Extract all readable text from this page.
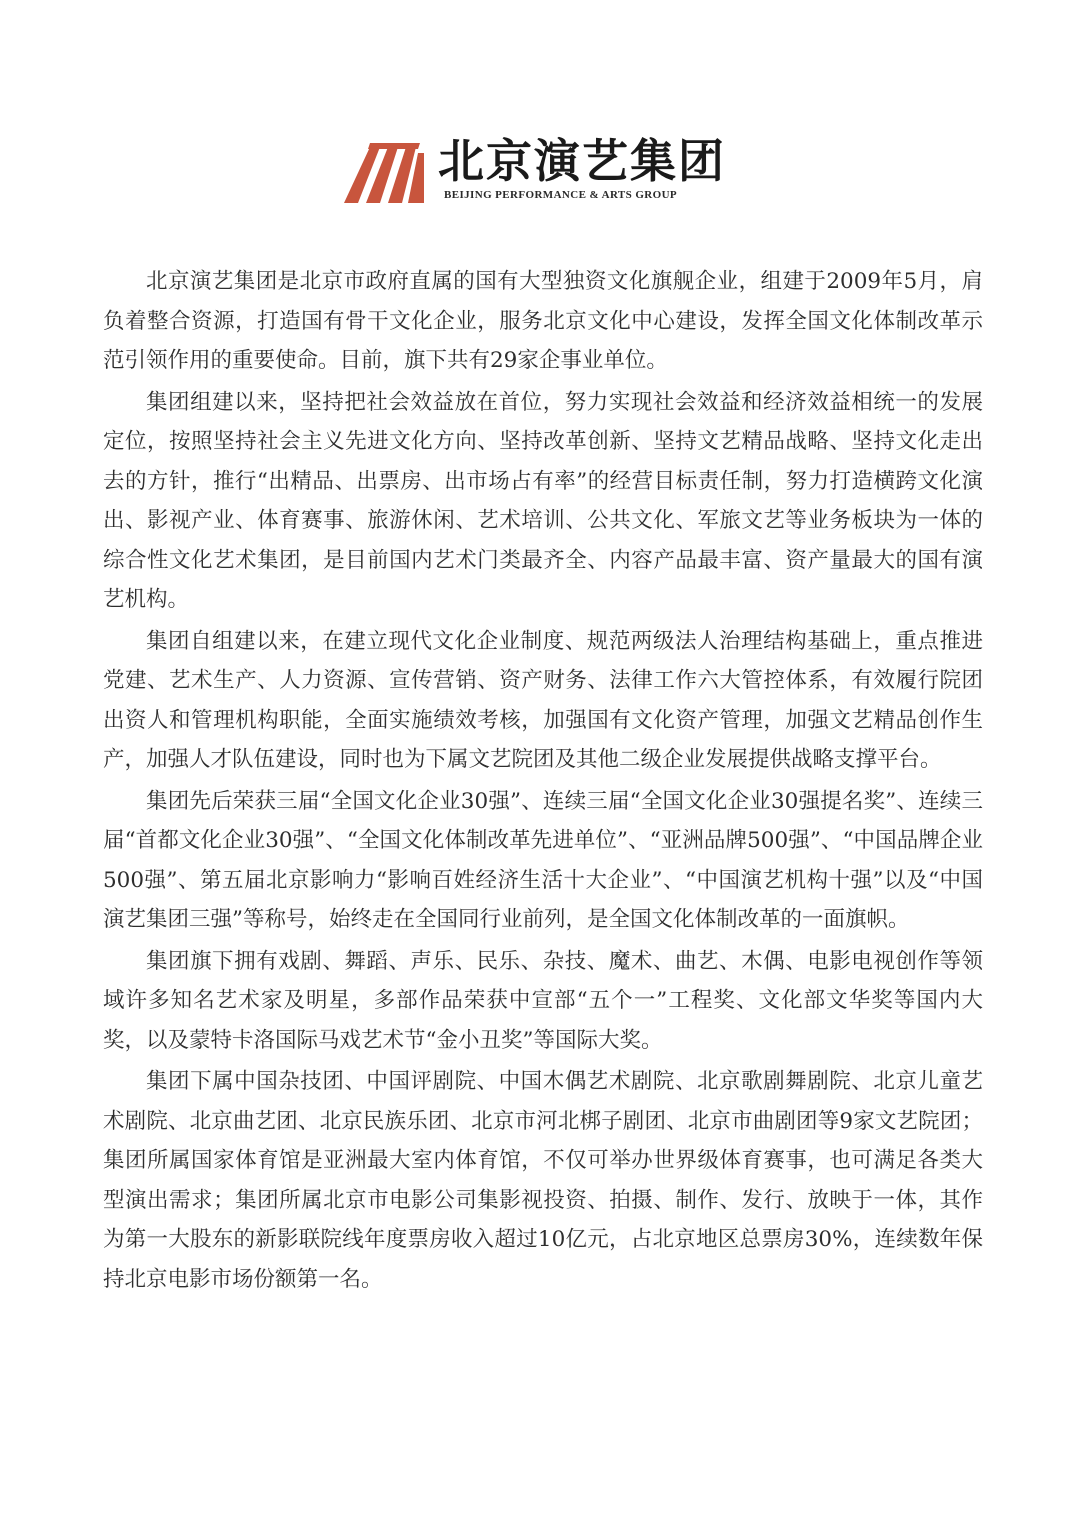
北京演艺集团
BEIJING PERFORMANCE & ARTS GROUP

北京演艺集团是北京市政府直属的国有大型独资文化旗舰企业，组建于2009年5月，肩负着整合资源，打造国有骨干文化企业，服务北京文化中心建设，发挥全国文化体制改革示范引领作用的重要使命。目前，旗下共有29家企事业单位。

集团组建以来，坚持把社会效益放在首位，努力实现社会效益和经济效益相统一的发展定位，按照坚持社会主义先进文化方向、坚持改革创新、坚持文艺精品战略、坚持文化走出去的方针，推行“出精品、出票房、出市场占有率”的经营目标责任制，努力打造横跨文化演出、影视产业、体育赛事、旅游休闲、艺术培训、公共文化、军旅文艺等业务板块为一体的综合性文化艺术集团，是目前国内艺术门类最齐全、内容产品最丰富、资产量最大的国有演艺机构。

集团自组建以来，在建立现代文化企业制度、规范两级法人治理结构基础上，重点推进党建、艺术生产、人力资源、宣传营销、资产财务、法律工作六大管控体系，有效履行院团出资人和管理机构职能，全面实施绩效考核，加强国有文化资产管理，加强文艺精品创作生产，加强人才队伍建设，同时也为下属文艺院团及其他二级企业发展提供战略支撑平台。

集团先后荣获三届“全国文化企业30强”、连续三届“全国文化企业30强提名奖”、连续三届“首都文化企业30强”、“全国文化体制改革先进单位”、“亚洲品牌500强”、“中国品牌企业500强”、第五届北京影响力“影响百姓经济生活十大企业”、“中国演艺机构十强”以及“中国演艺集团三强”等称号，始终走在全国同行业前列，是全国文化体制改革的一面旗帜。

集团旗下拥有戏剧、舞蹈、声乐、民乐、杂技、魔术、曲艺、木偶、电影电视创作等领域许多知名艺术家及明星，多部作品荣获中宣部“五个一”工程奖、文化部文华奖等国内大奖，以及蒙特卡洛国际马戏艺术节“金小丑奖”等国际大奖。

集团下属中国杂技团、中国评剧院、中国木偶艺术剧院、北京歌剧舞剧院、北京儿童艺术剧院、北京曲艺团、北京民族乐团、北京市河北梆子剧团、北京市曲剧团等9家文艺院团；集团所属国家体育馆是亚洲最大室内体育馆，不仅可举办世界级体育赛事，也可满足各类大型演出需求；集团所属北京市电影公司集影视投资、拍摄、制作、发行、放映于一体，其作为第一大股东的新影联院线年度票房收入超过10亿元，占北京地区总票房30%，连续数年保持北京电影市场份额第一名。
